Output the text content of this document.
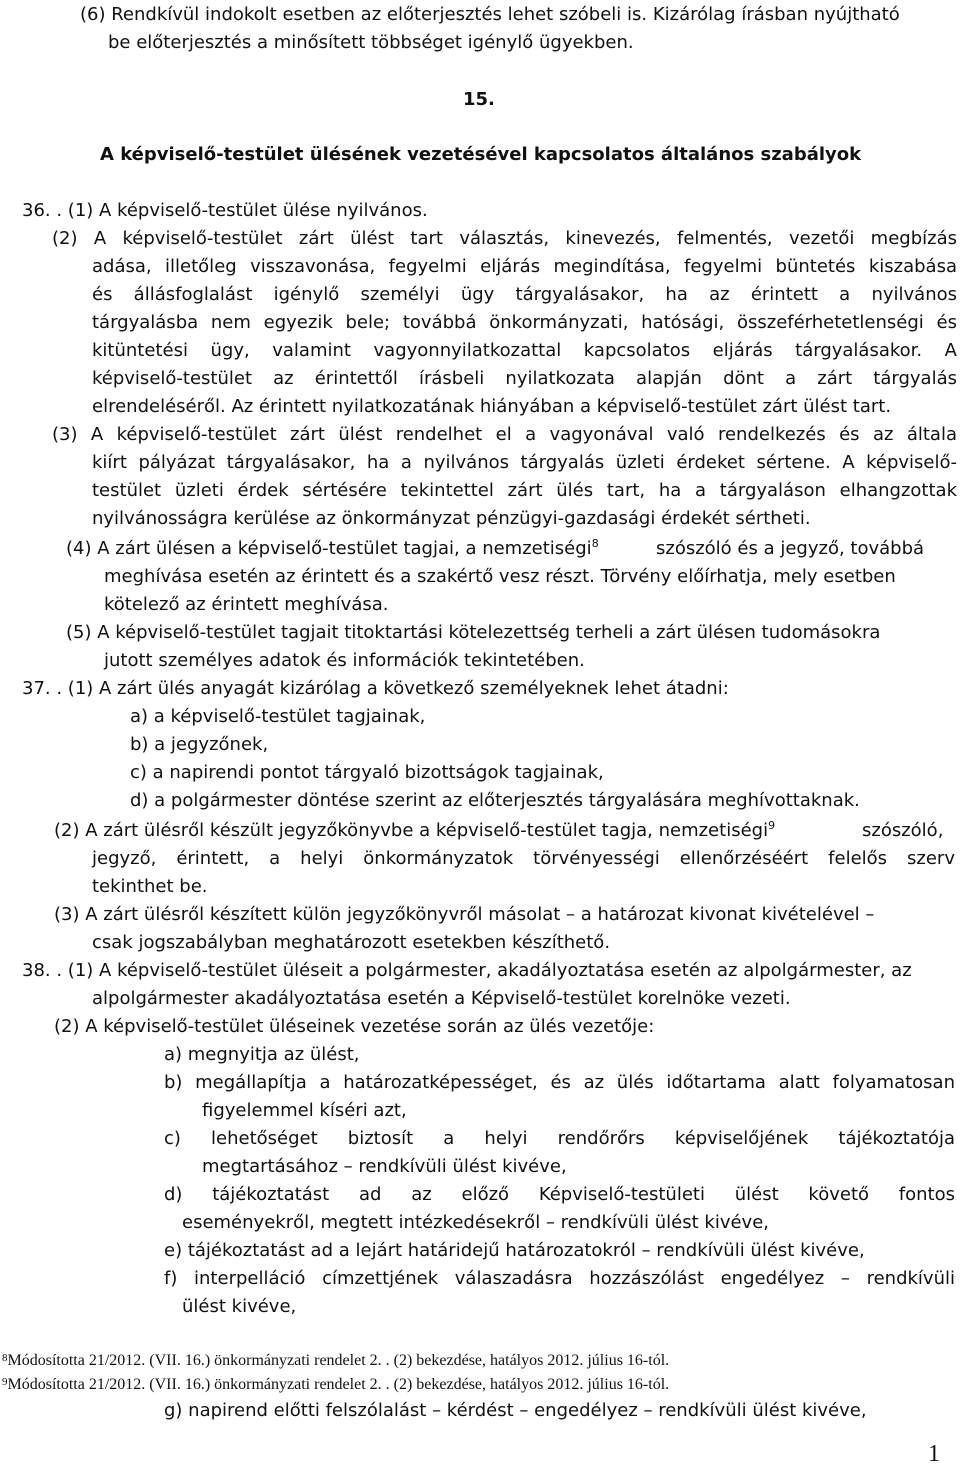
(6) Rendkívül indokolt esetben az előterjesztés lehet szóbeli is. Kizárólag írásban nyújtható
be előterjesztés a minősített többséget igénylő ügyekben.
15.
A képviselő-testület ülésének vezetésével kapcsolatos általános szabályok
36. . (1) A képviselő-testület ülése nyilvános.
(2) A képviselő-testület zárt ülést tart választás, kinevezés, felmentés, vezetői megbízás
adása, illetőleg visszavonása, fegyelmi eljárás megindítása, fegyelmi büntetés kiszabása
és állásfoglalást igénylő személyi ügy tárgyalásakor, ha az érintett a nyilvános
tárgyalásba nem egyezik bele; továbbá önkormányzati, hatósági, összeférhetetlenségi és
kitüntetési ügy, valamint vagyonnyilatkozattal kapcsolatos eljárás tárgyalásakor. A
képviselő-testület az érintettől írásbeli nyilatkozata alapján dönt a zárt tárgyalás
elrendeléséről. Az érintett nyilatkozatának hiányában a képviselő-testület zárt ülést tart.
(3) A képviselő-testület zárt ülést rendelhet el a vagyonával való rendelkezés és az általa
kiírt pályázat tárgyalásakor, ha a nyilvános tárgyalás üzleti érdeket sértene. A képviselő-
testület üzleti érdek sértésére tekintettel zárt ülés tart, ha a tárgyaláson elhangzottak
nyilvánosságra kerülése az önkormányzat pénzügyi-gazdasági érdekét sértheti.
(4) A zárt ülésen a képviselő-testület tagjai, a nemzetiségi$^8$	szószóló és a jegyző, továbbá
meghívása esetén az érintett és a szakértő vesz részt. Törvény előírhatja, mely esetben
kötelező az érintett meghívása.
(5) A képviselő-testület tagjait titoktartási kötelezettség terheli a zárt ülésen tudomásokra
jutott személyes adatok és információk tekintetében.
37. . (1) A zárt ülés anyagát kizárólag a következő személyeknek lehet átadni:
a) a képviselő-testület tagjainak,
b) a jegyzőnek,
c) a napirendi pontot tárgyaló bizottságok tagjainak,
d) a polgármester döntése szerint az előterjesztés tárgyalására meghívottaknak.
(2) A zárt ülésről készült jegyzőkönyvbe a képviselő-testület tagja, nemzetiségi$^9$	szószóló,
jegyző, érintett, a helyi önkormányzatok törvényességi ellenőrzéséért felelős szerv
tekinthet be.
(3) A zárt ülésről készített külön jegyzőkönyvről másolat – a határozat kivonat kivételével –
csak jogszabályban meghatározott esetekben készíthető.
38. . (1) A képviselő-testület üléseit a polgármester, akadályoztatása esetén az alpolgármester, az
alpolgármester akadályoztatása esetén a Képviselő-testület korelnöke vezeti.
(2) A képviselő-testület üléseinek vezetése során az ülés vezetője:
a) megnyitja az ülést,
b) megállapítja a határozatképességet, és az ülés időtartama alatt folyamatosan
figyelemmel kíséri azt,
c) lehetőséget biztosít a helyi rendőrőrs képviselőjének tájékoztatója
megtartásához – rendkívüli ülést kivéve,
d) tájékoztatást ad az előző Képviselő-testületi ülést követő fontos
eseményekről, megtett intézkedésekről – rendkívüli ülést kivéve,
e) tájékoztatást ad a lejárt határidejű határozatokról – rendkívüli ülést kivéve,
f) interpelláció címzettjének válaszadásra hozzászólást engedélyez – rendkívüli
ülést kivéve,
$^8$Módosította 21/2012. (VII. 16.) önkormányzati rendelet 2. . (2) bekezdése, hatályos 2012. július 16-tól.
$^9$Módosította 21/2012. (VII. 16.) önkormányzati rendelet 2. . (2) bekezdése, hatályos 2012. július 16-tól.
g) napirend előtti felszólalást – kérdést – engedélyez – rendkívüli ülést kivéve,
1
